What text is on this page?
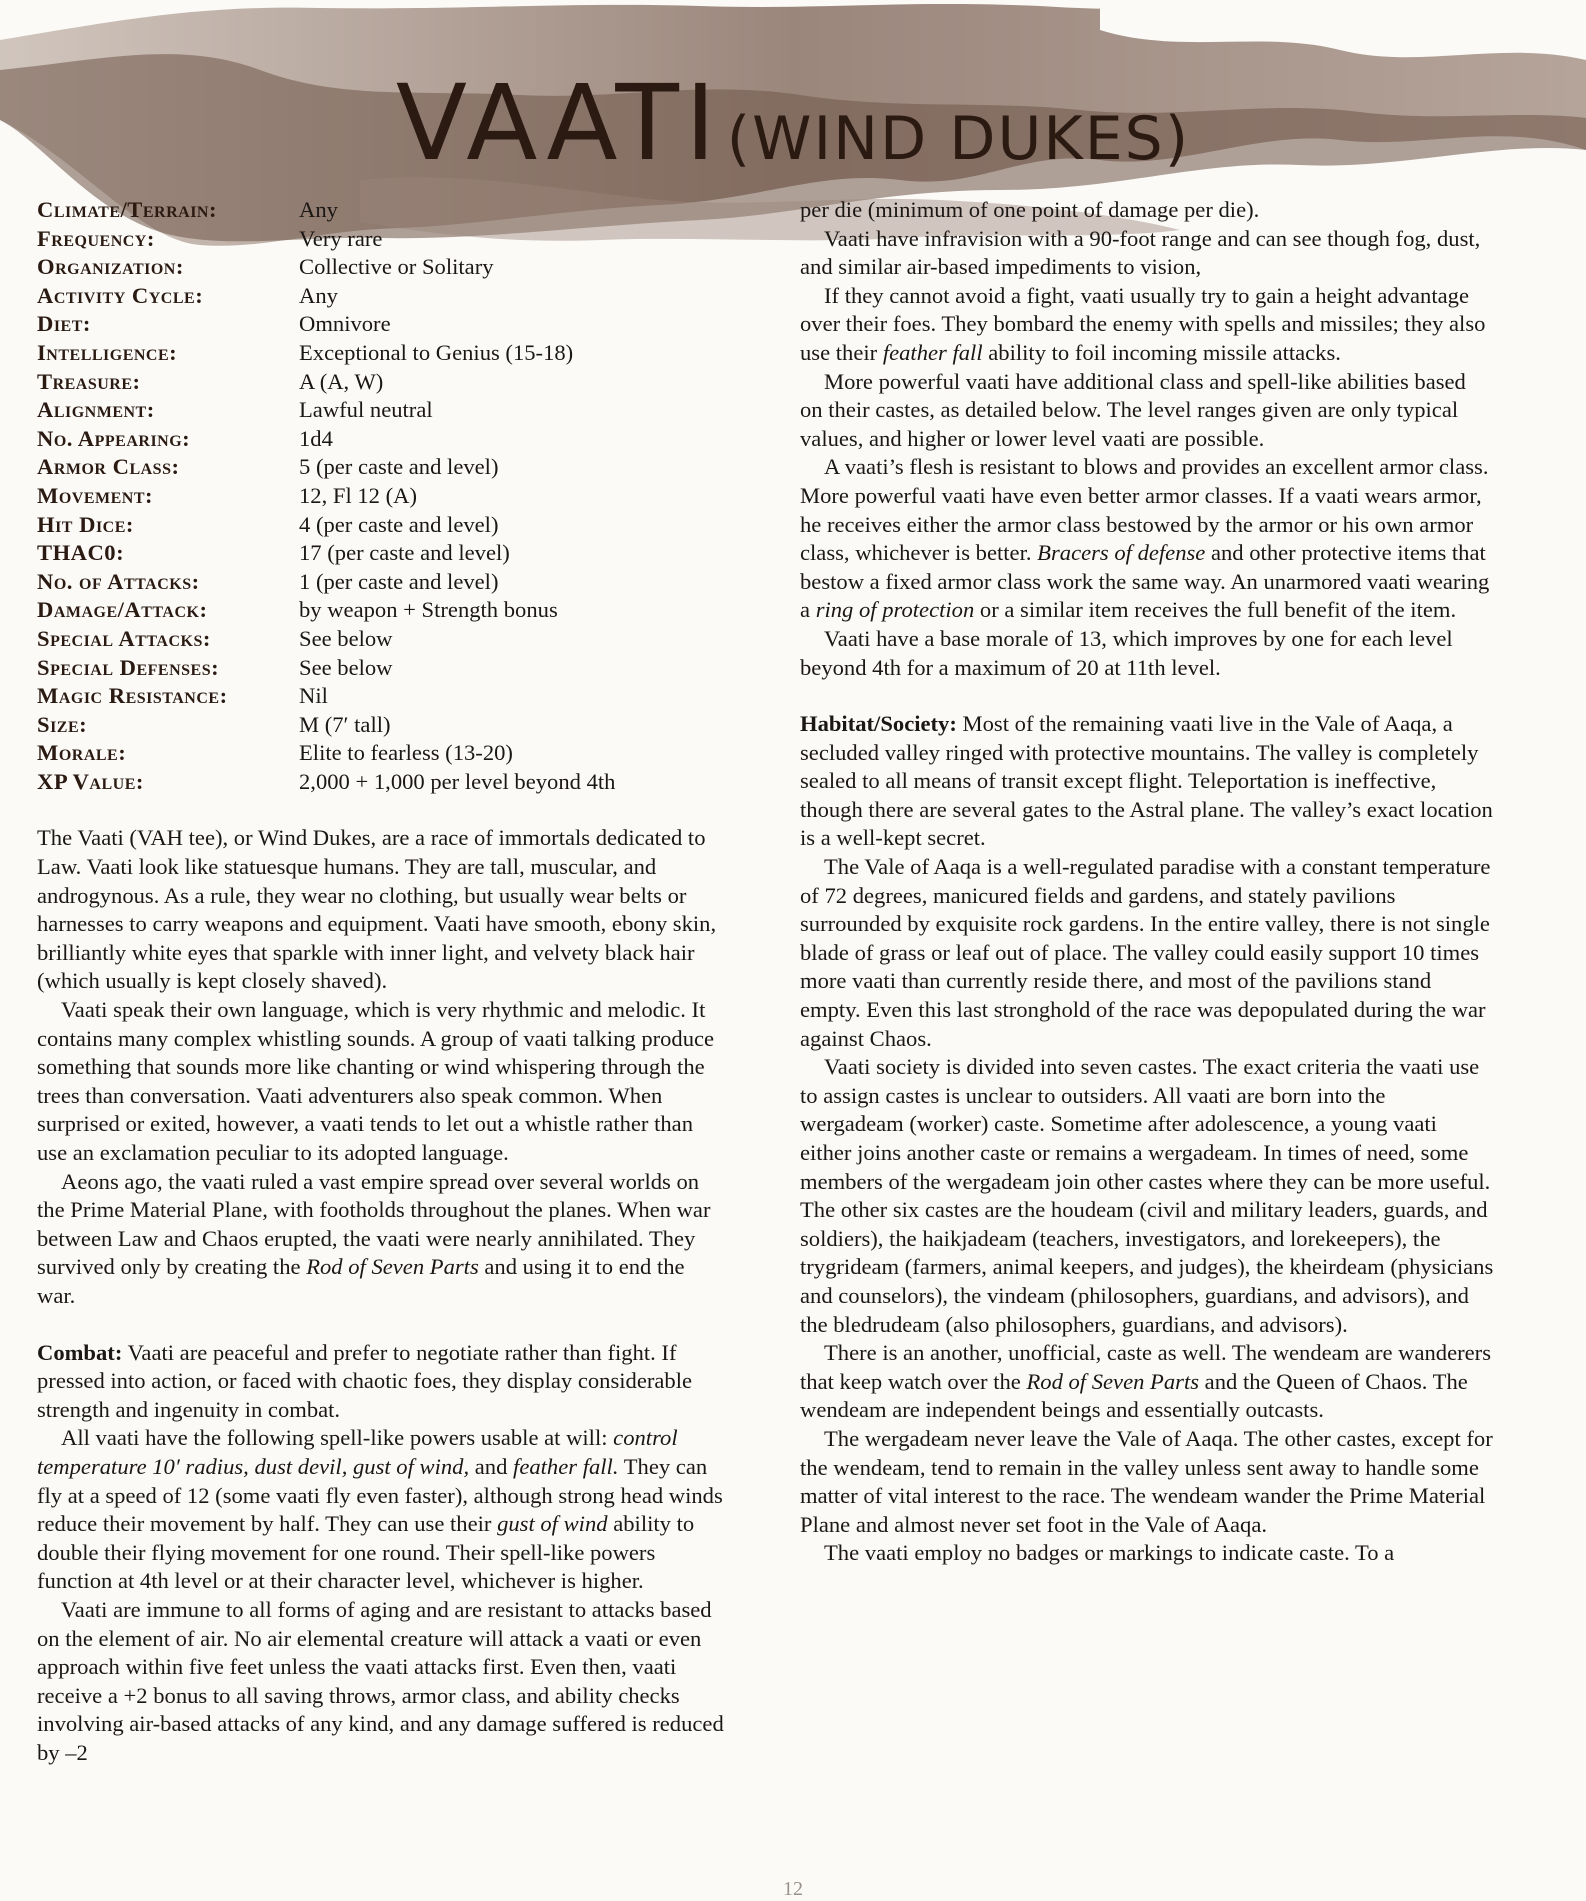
VAATI (WIND DUKES)
Climate/Terrain:	Any
Frequency:	Very rare
Organization:	Collective or Solitary
Activity Cycle:	Any
Diet:	Omnivore
Intelligence:	Exceptional to Genius (15-18)
Treasure:	A (A, W)
Alignment:	Lawful neutral
No. Appearing:	1d4
Armor Class:	5 (per caste and level)
Movement:	12, Fl 12 (A)
Hit Dice:	4 (per caste and level)
THAC0:	17 (per caste and level)
No. of Attacks:	1 (per caste and level)
Damage/Attack:	by weapon + Strength bonus
Special Attacks:	See below
Special Defenses:	See below
Magic Resistance:	Nil
Size:	M (7′ tall)
Morale:	Elite to fearless (13-20)
XP Value:	2,000 + 1,000 per level beyond 4th

The Vaati (VAH tee), or Wind Dukes, are a race of immortals dedicated to Law. Vaati look like statuesque humans. They are tall, muscular, and androgynous. As a rule, they wear no clothing, but usually wear belts or harnesses to carry weapons and equipment. Vaati have smooth, ebony skin, brilliantly white eyes that sparkle with inner light, and velvety black hair (which usually is kept closely shaved).

Vaati speak their own language, which is very rhythmic and melodic. It contains many complex whistling sounds. A group of vaati talking produce something that sounds more like chanting or wind whispering through the trees than conversation. Vaati adventurers also speak common. When surprised or exited, however, a vaati tends to let out a whistle rather than use an exclamation peculiar to its adopted language.

Aeons ago, the vaati ruled a vast empire spread over several worlds on the Prime Material Plane, with footholds throughout the planes. When war between Law and Chaos erupted, the vaati were nearly annihilated. They survived only by creating the Rod of Seven Parts and using it to end the war.

Combat: Vaati are peaceful and prefer to negotiate rather than fight. If pressed into action, or faced with chaotic foes, they display considerable strength and ingenuity in combat.

All vaati have the following spell-like powers usable at will: control temperature 10′ radius, dust devil, gust of wind, and feather fall. They can fly at a speed of 12 (some vaati fly even faster), although strong head winds reduce their movement by half. They can use their gust of wind ability to double their flying movement for one round. Their spell-like powers function at 4th level or at their character level, whichever is higher.

Vaati are immune to all forms of aging and are resistant to attacks based on the element of air. No air elemental creature will attack a vaati or even approach within five feet unless the vaati attacks first. Even then, vaati receive a +2 bonus to all saving throws, armor class, and ability checks involving air-based attacks of any kind, and any damage suffered is reduced by –2

per die (minimum of one point of damage per die).

Vaati have infravision with a 90-foot range and can see though fog, dust, and similar air-based impediments to vision,

If they cannot avoid a fight, vaati usually try to gain a height advantage over their foes. They bombard the enemy with spells and missiles; they also use their feather fall ability to foil incoming missile attacks.

More powerful vaati have additional class and spell-like abilities based on their castes, as detailed below. The level ranges given are only typical values, and higher or lower level vaati are possible.

A vaati’s flesh is resistant to blows and provides an excellent armor class. More powerful vaati have even better armor classes. If a vaati wears armor, he receives either the armor class bestowed by the armor or his own armor class, whichever is better. Bracers of defense and other protective items that bestow a fixed armor class work the same way. An unarmored vaati wearing a ring of protection or a similar item receives the full benefit of the item.

Vaati have a base morale of 13, which improves by one for each level beyond 4th for a maximum of 20 at 11th level.

Habitat/Society: Most of the remaining vaati live in the Vale of Aaqa, a secluded valley ringed with protective mountains. The valley is completely sealed to all means of transit except flight. Teleportation is ineffective, though there are several gates to the Astral plane. The valley’s exact location is a well-kept secret.

The Vale of Aaqa is a well-regulated paradise with a constant temperature of 72 degrees, manicured fields and gardens, and stately pavilions surrounded by exquisite rock gardens. In the entire valley, there is not single blade of grass or leaf out of place. The valley could easily support 10 times more vaati than currently reside there, and most of the pavilions stand empty. Even this last stronghold of the race was depopulated during the war against Chaos.

Vaati society is divided into seven castes. The exact criteria the vaati use to assign castes is unclear to outsiders. All vaati are born into the wergadeam (worker) caste. Sometime after adolescence, a young vaati either joins another caste or remains a wergadeam. In times of need, some members of the wergadeam join other castes where they can be more useful. The other six castes are the houdeam (civil and military leaders, guards, and soldiers), the haikjadeam (teachers, investigators, and lorekeepers), the trygrideam (farmers, animal keepers, and judges), the kheirdeam (physicians and counselors), the vindeam (philosophers, guardians, and advisors), and the bledrudeam (also philosophers, guardians, and advisors).

There is an another, unofficial, caste as well. The wendeam are wanderers that keep watch over the Rod of Seven Parts and the Queen of Chaos. The wendeam are independent beings and essentially outcasts.

The wergadeam never leave the Vale of Aaqa. The other castes, except for the wendeam, tend to remain in the valley unless sent away to handle some matter of vital interest to the race. The wendeam wander the Prime Material Plane and almost never set foot in the Vale of Aaqa.

The vaati employ no badges or markings to indicate caste. To a

12
